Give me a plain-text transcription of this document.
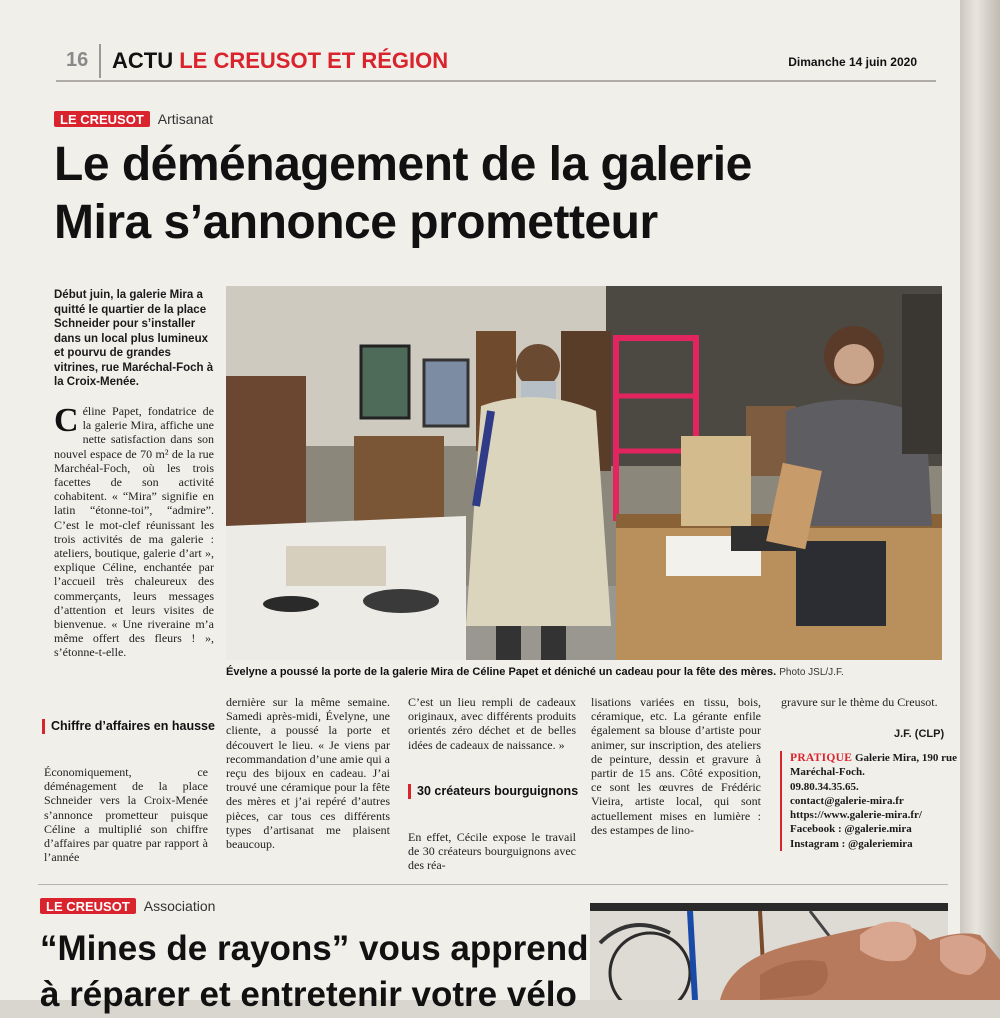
16 ACTU LE CREUSOT ET RÉGION	Dimanche 14 juin 2020
LE CREUSOT Artisanat
Le déménagement de la galerie
Mira s’annonce prometteur
Début juin, la galerie Mira a quitté le quartier de la place Schneider pour s’installer dans un local plus lumineux et pourvu de grandes vitrines, rue Maréchal-Foch à la Croix-Menée.
Évelyne a poussé la porte de la galerie Mira de Céline Papet et déniché un cadeau pour la fête des mères. Photo JSL/J.F.
C éline Papet, fondatrice de la galerie Mira, affiche une nette satisfaction dans son nouvel espace de 70 m² de la rue Marchéal-Foch, où les trois facettes de son activité cohabitent. « “Mira” signifie en latin “étonne-toi”, “admire”. C’est le mot-clef réunissant les trois activités de ma galerie : ateliers, boutique, galerie d’art », explique Céline, enchantée par l’accueil très chaleureux des commerçants, leurs messages d’attention et leurs visites de bienvenue. « Une riveraine m’a même offert des fleurs ! », s’étonne-t-elle.

Chiffre d’affaires en hausse

Économiquement, ce déménagement de la place Schneider vers la Croix-Menée s’annonce prometteur puisque Céline a multiplié son chiffre d’affaires par quatre par rapport à l’année

dernière sur la même semaine. Samedi après-midi, Évelyne, une cliente, a poussé la porte et découvert le lieu. « Je viens par recommandation d’une amie qui a reçu des bijoux en cadeau. J’ai trouvé une céramique pour la fête des mères et j’ai repéré d’autres pièces, car tous ces différents types d’artisanat me plaisent beaucoup.

C’est un lieu rempli de cadeaux originaux, avec différents produits orientés zéro déchet et de belles idées de cadeaux de naissance. »

30 créateurs bourguignons

En effet, Cécile expose le travail de 30 créateurs bourguignons avec des réa-

lisations variées en tissu, bois, céramique, etc. La gérante enfile également sa blouse d’artiste pour animer, sur inscription, des ateliers de peinture, dessin et gravure à partir de 15 ans. Côté exposition, ce sont les œuvres de Frédéric Vieira, artiste local, qui sont actuellement mises en lumière : des estampes de lino-

gravure sur le thème du Creusot.

J.F. (CLP)
PRATIQUE Galerie Mira, 190 rue Maréchal-Foch.
09.80.34.35.65.
contact@galerie-mira.fr
https://www.galerie-mira.fr/
Facebook : @galerie.mira
Instagram : @galeriemira
LE CREUSOT Association
“Mines de rayons” vous apprend
à réparer et entretenir votre vélo
